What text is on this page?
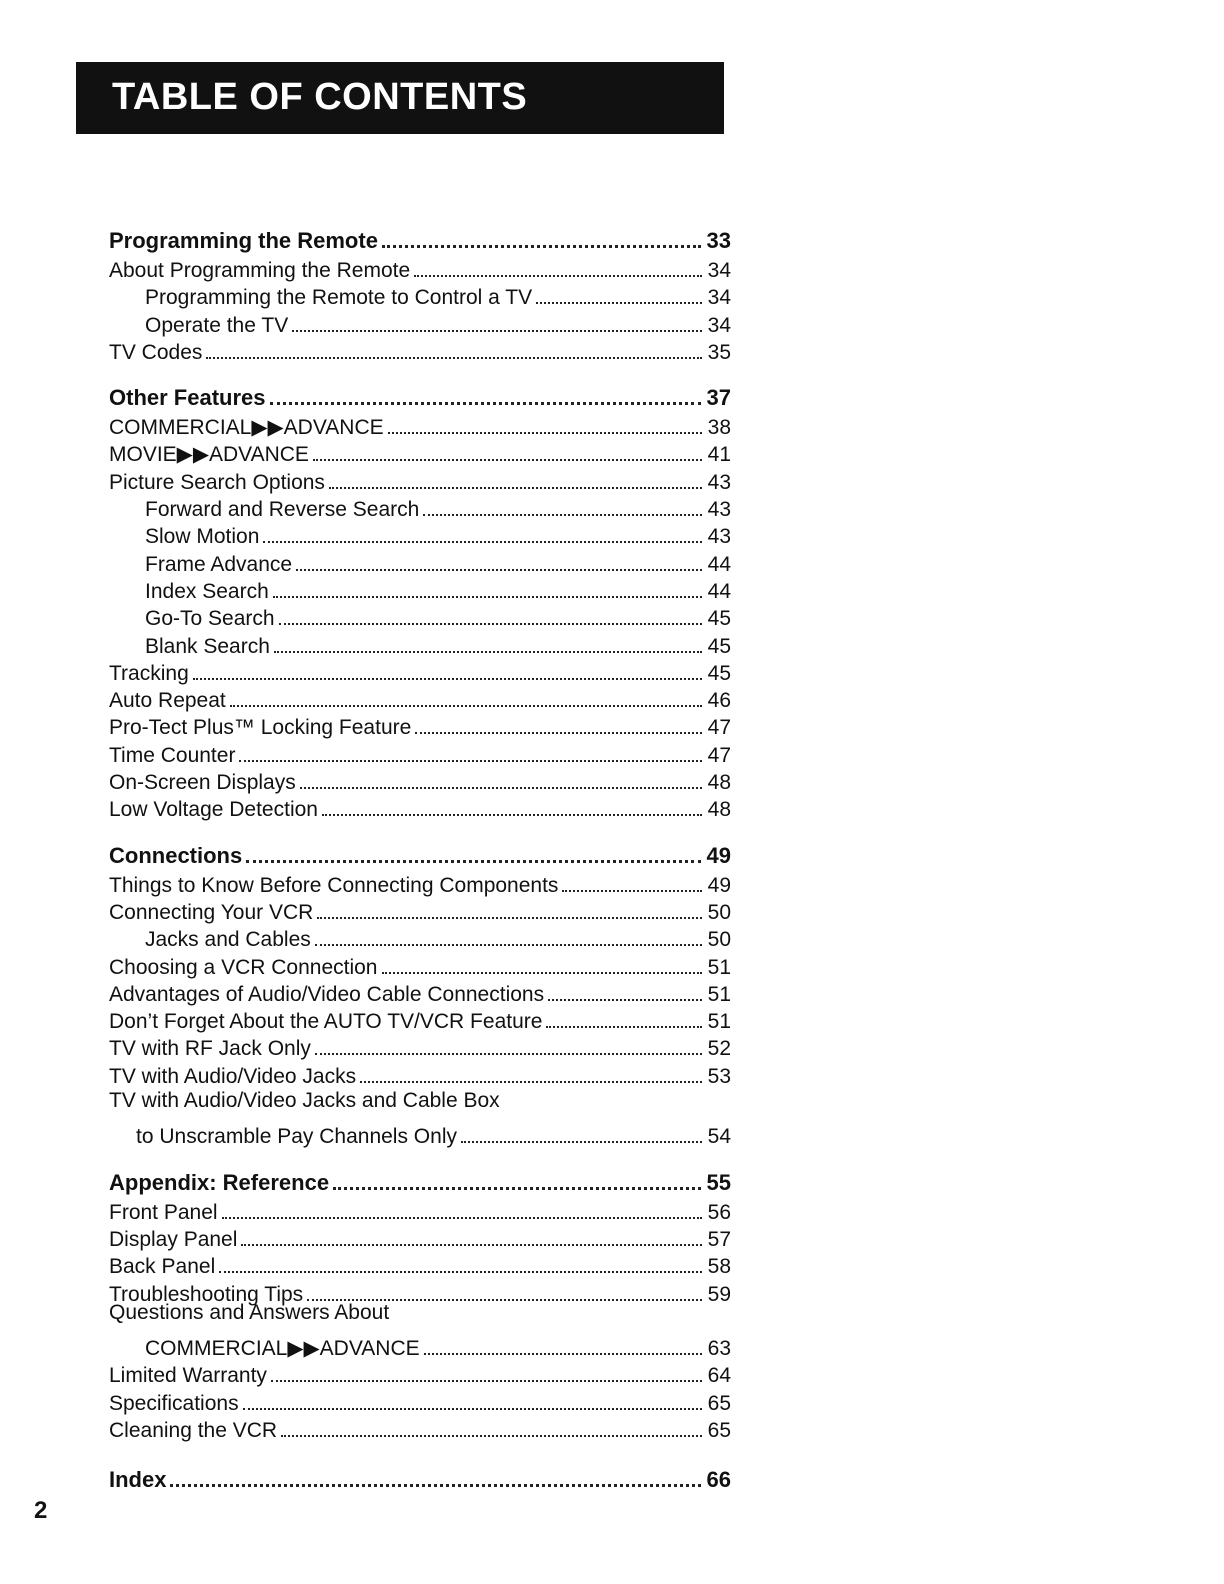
TABLE OF CONTENTS
Programming the Remote	33
About Programming the Remote	34
Programming the Remote to Control a TV	34
Operate the TV	34
TV Codes	35
Other Features	37
COMMERCIAL▶▶ADVANCE	38
MOVIE▶▶ADVANCE	41
Picture Search Options	43
Forward and Reverse Search	43
Slow Motion	43
Frame Advance	44
Index Search	44
Go-To Search	45
Blank Search	45
Tracking	45
Auto Repeat	46
Pro-Tect Plus™ Locking Feature	47
Time Counter	47
On-Screen Displays	48
Low Voltage Detection	48
Connections	49
Things to Know Before Connecting Components	49
Connecting Your VCR	50
Jacks and Cables	50
Choosing a VCR Connection	51
Advantages of Audio/Video Cable Connections	51
Don’t Forget About the AUTO TV/VCR Feature	51
TV with RF Jack Only	52
TV with Audio/Video Jacks	53
TV with Audio/Video Jacks and Cable Box
to Unscramble Pay Channels Only	54
Appendix: Reference	55
Front Panel	56
Display Panel	57
Back Panel	58
Troubleshooting Tips	59
Questions and Answers About
COMMERCIAL▶▶ADVANCE	63
Limited Warranty	64
Specifications	65
Cleaning the VCR	65
Index	66
2
